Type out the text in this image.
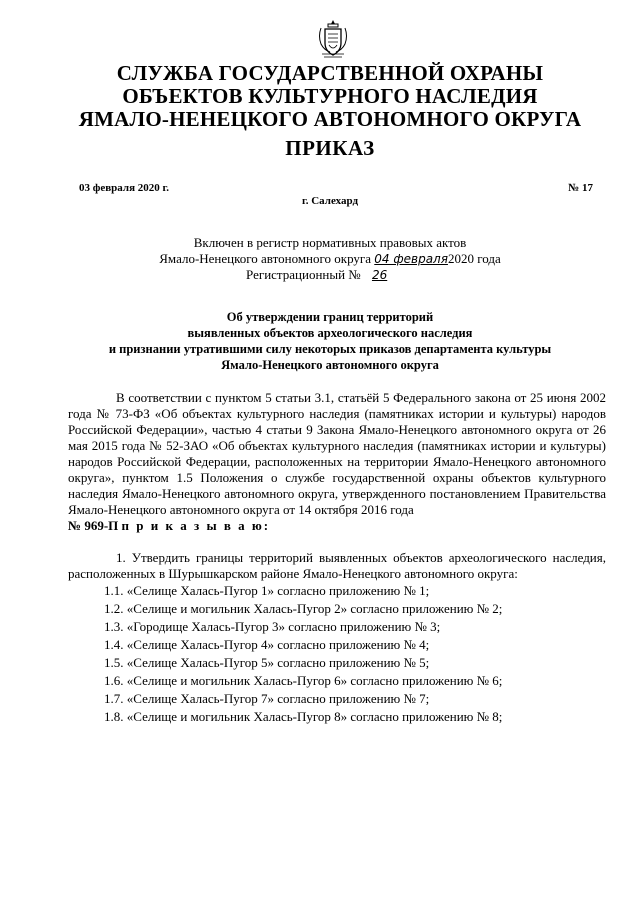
СЛУЖБА ГОСУДАРСТВЕННОЙ ОХРАНЫ
ОБЪЕКТОВ КУЛЬТУРНОГО НАСЛЕДИЯ
ЯМАЛО-НЕНЕЦКОГО АВТОНОМНОГО ОКРУГА
ПРИКАЗ
03 февраля 2020 г.	№ 17
г. Салехард
Включен в регистр нормативных правовых актов
Ямало-Ненецкого автономного округа 04 февраля2020 года
Регистрационный № 26
Об утверждении границ территорий
выявленных объектов археологического наследия
и признании утратившими силу некоторых приказов департамента культуры
Ямало-Ненецкого автономного округа

В соответствии с пунктом 5 статьи 3.1, статьёй 5 Федерального закона от 25 июня 2002 года № 73-ФЗ «Об объектах культурного наследия (памятниках истории и культуры) народов Российской Федерации», частью 4 статьи 9 Закона Ямало-Ненецкого автономного округа от 26 мая 2015 года № 52-ЗАО «Об объектах культурного наследия (памятниках истории и культуры) народов Российской Федерации, расположенных на территории Ямало-Ненецкого автономного округа», пунктом 1.5 Положения о службе государственной охраны объектов культурного наследия Ямало-Ненецкого автономного округа, утвержденного постановлением Правительства Ямало-Ненецкого автономного округа от 14 октября 2016 года
№ 969-П п р и к а з ы в а ю:

1. Утвердить границы территорий выявленных объектов археологического наследия, расположенных в Шурышкарском районе Ямало-Ненецкого автономного округа:

1.1. «Селище Халась-Пугор 1» согласно приложению № 1;
1.2. «Селище и могильник Халась-Пугор 2» согласно приложению № 2;
1.3. «Городище Халась-Пугор 3» согласно приложению № 3;
1.4. «Селище Халась-Пугор 4» согласно приложению № 4;
1.5. «Селище Халась-Пугор 5» согласно приложению № 5;
1.6. «Селище и могильник Халась-Пугор 6» согласно приложению № 6;
1.7. «Селище Халась-Пугор 7» согласно приложению № 7;
1.8. «Селище и могильник Халась-Пугор 8» согласно приложению № 8;
